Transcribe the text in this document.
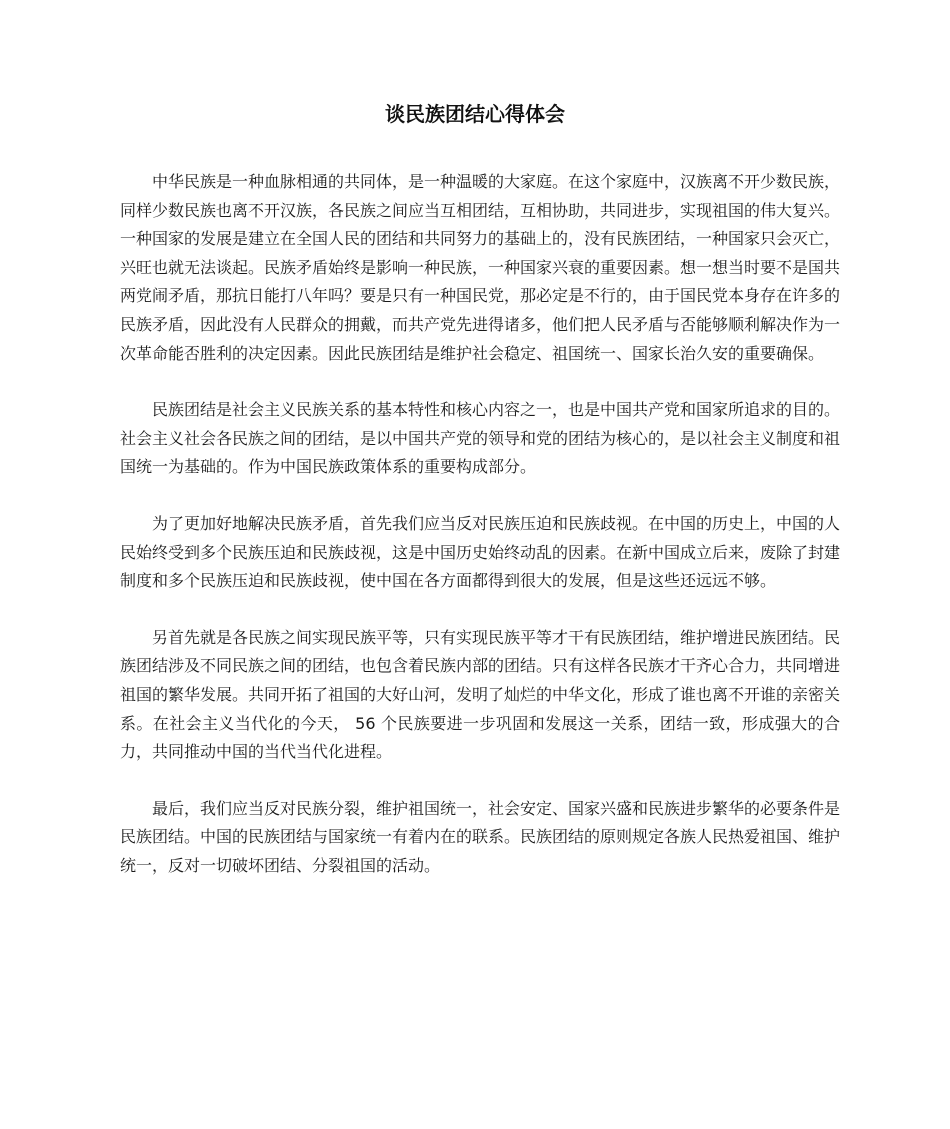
谈民族团结心得体会

中华民族是一种血脉相通的共同体，是一种温暖的大家庭。在这个家庭中，汉族离不开少数民族，同样少数民族也离不开汉族，各民族之间应当互相团结，互相协助，共同进步，实现祖国的伟大复兴。 一种国家的发展是建立在全国人民的团结和共同努力的基础上的，没有民族团结，一种国家只会灭亡，兴旺也就无法谈起。民族矛盾始终是影响一种民族，一种国家兴衰的重要因素。想一想当时要不是国共两党闹矛盾，那抗日能打八年吗？要是只有一种国民党，那必定是不行的，由于国民党本身存在许多的民族矛盾，因此没有人民群众的拥戴，而共产党先进得诸多，他们把人民矛盾与否能够顺利解决作为一次革命能否胜利的决定因素。因此民族团结是维护社会稳定、祖国统一、国家长治久安的重要确保。

民族团结是社会主义民族关系的基本特性和核心内容之一，也是中国共产党和国家所追求的目的。社会主义社会各民族之间的团结，是以中国共产党的领导和党的团结为核心的，是以社会主义制度和祖国统一为基础的。作为中国民族政策体系的重要构成部分。

为了更加好地解决民族矛盾，首先我们应当反对民族压迫和民族歧视。在中国的历史上，中国的人民始终受到多个民族压迫和民族歧视，这是中国历史始终动乱的因素。在新中国成立后来，废除了封建制度和多个民族压迫和民族歧视，使中国在各方面都得到很大的发展，但是这些还远远不够。

另首先就是各民族之间实现民族平等，只有实现民族平等才干有民族团结，维护增进民族团结。民族团结涉及不同民族之间的团结，也包含着民族内部的团结。只有这样各民族才干齐心合力，共同增进祖国的繁华发展。共同开拓了祖国的大好山河，发明了灿烂的中华文化，形成了谁也离不开谁的亲密关系。在社会主义当代化的今天， 56 个民族要进一步巩固和发展这一关系，团结一致，形成强大的合力，共同推动中国的当代当代化进程。

最后，我们应当反对民族分裂，维护祖国统一，社会安定、国家兴盛和民族进步繁华的必要条件是民族团结。中国的民族团结与国家统一有着内在的联系。民族团结的原则规定各族人民热爱祖国、维护统一，反对一切破坏团结、分裂祖国的活动。
